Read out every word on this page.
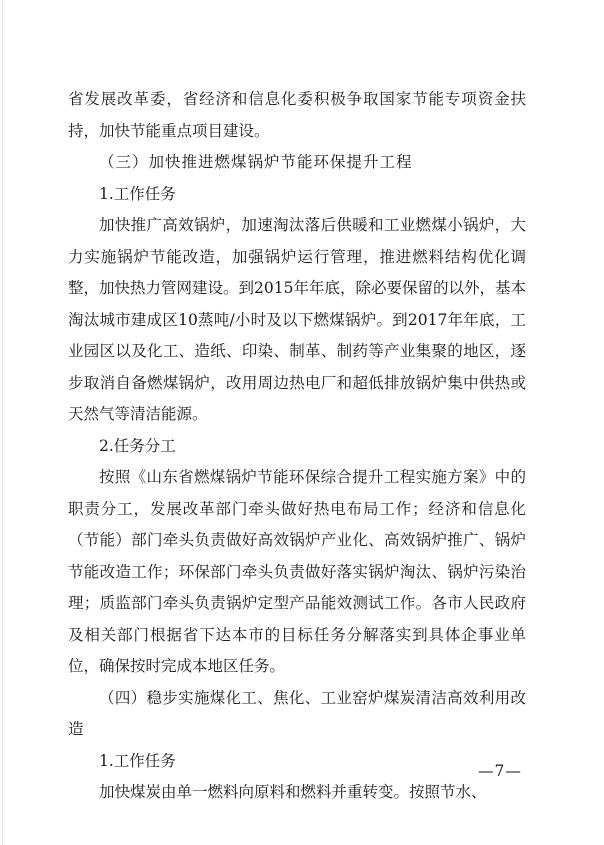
省发展改革委，省经济和信息化委积极争取国家节能专项资金扶持，加快节能重点项目建设。

（三）加快推进燃煤锅炉节能环保提升工程

1.工作任务

加快推广高效锅炉，加速淘汰落后供暖和工业燃煤小锅炉，大力实施锅炉节能改造，加强锅炉运行管理，推进燃料结构优化调整，加快热力管网建设。到2015年年底，除必要保留的以外，基本淘汰城市建成区10蒸吨/小时及以下燃煤锅炉。到2017年年底，工业园区以及化工、造纸、印染、制革、制药等产业集聚的地区，逐步取消自备燃煤锅炉，改用周边热电厂和超低排放锅炉集中供热或天然气等清洁能源。

2.任务分工

按照《山东省燃煤锅炉节能环保综合提升工程实施方案》中的职责分工，发展改革部门牵头做好热电布局工作；经济和信息化（节能）部门牵头负责做好高效锅炉产业化、高效锅炉推广、锅炉节能改造工作；环保部门牵头负责做好落实锅炉淘汰、锅炉污染治理；质监部门牵头负责锅炉定型产品能效测试工作。各市人民政府及相关部门根据省下达本市的目标任务分解落实到具体企事业单位，确保按时完成本地区任务。

（四）稳步实施煤化工、焦化、工业窑炉煤炭清洁高效利用改造

1.工作任务

加快煤炭由单一燃料向原料和燃料并重转变。按照节水、

—7—
